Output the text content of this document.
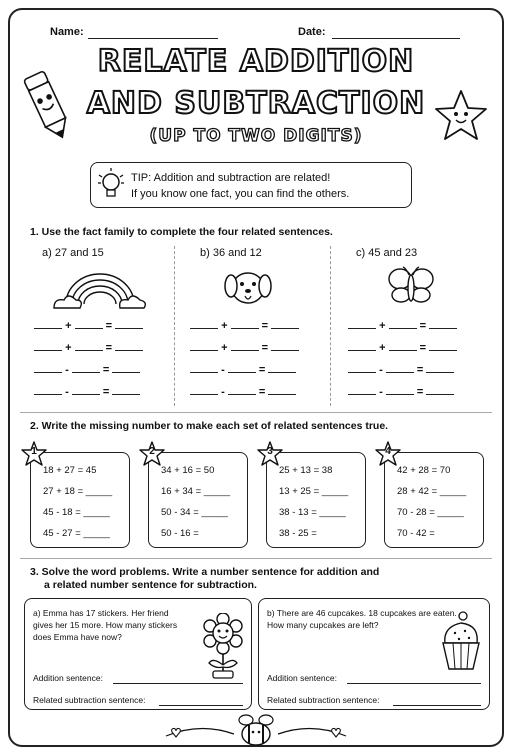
Name:	Date:
RELATE ADDITION
AND SUBTRACTION
(UP TO TWO DIGITS)
TIP: Addition and subtraction are related!
If you know one fact, you can find the others.
1. Use the fact family to complete the four related sentences.
a) 27 and 15	b) 36 and 12	c) 45 and 23
+	=
+	=
-	=
-	=
+	=
+	=
-	=
-	=
+	=
+	=
-	=
-	=
2. Write the missing number to make each set of related sentences true.
1
18 + 27 = 45
27 + 18 = _____
45 - 18 = _____
45 - 27 = _____
2
34 + 16 = 50
16 + 34 = _____
50 - 34 = _____
50 - 16 =
3
25 + 13 = 38
13 + 25 = _____
38 - 13 = _____
38 - 25 =
4
42 + 28 = 70
28 + 42 = _____
70 - 28 = _____
70 - 42 =
3. Solve the word problems. Write a number sentence for addition and
a related number sentence for subtraction.
a) Emma has 17 stickers. Her friend gives her 15 more. How many stickers does Emma have now?
Addition sentence:
Related subtraction sentence:
b) There are 46 cupcakes. 18 cupcakes are eaten. How many cupcakes are left?
Addition sentence:
Related subtraction sentence:
